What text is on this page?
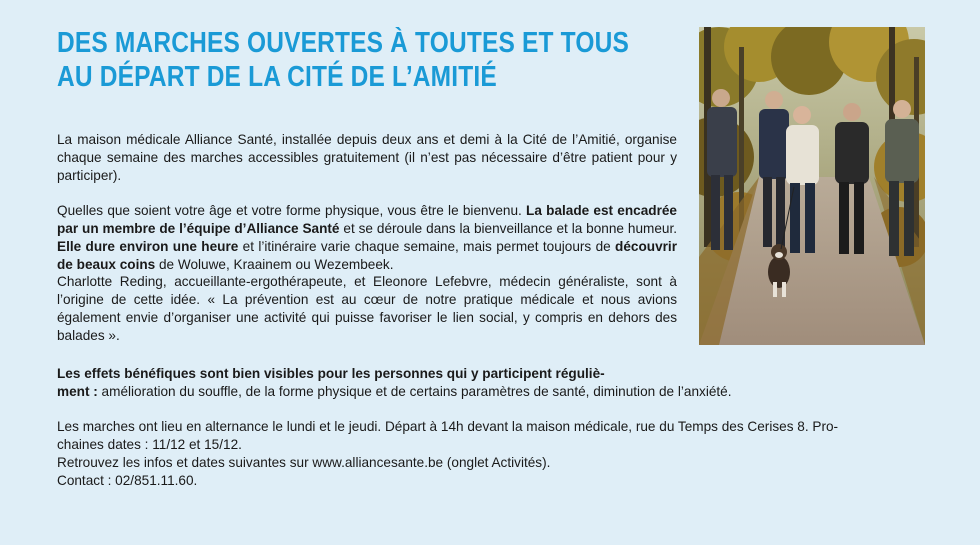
DES MARCHES OUVERTES À TOUTES ET TOUS
AU DÉPART DE LA CITÉ DE L’AMITIÉ

La maison médicale Alliance Santé, installée depuis deux ans et demi à la Cité de l’Amitié, organise chaque semaine des marches accessibles gratuitement (il n’est pas nécessaire d’être patient pour y participer).

Quelles que soient votre âge et votre forme physique, vous être le bienvenu. La balade est encadrée par un membre de l’équipe d’Alliance Santé et se déroule dans la bienveillance et la bonne humeur. Elle dure environ une heure et l’itinéraire varie chaque semaine, mais permet toujours de découvrir de beaux coins de Woluwe, Kraainem ou Wezembeek.

Charlotte Reding, accueillante-ergothérapeute, et Eleonore Lefebvre, médecin généraliste, sont à l’origine de cette idée. « La prévention est au cœur de notre pratique médicale et nous avions également envie d’organiser une activité qui puisse favoriser le lien social, y compris en dehors des balades ».

Les effets bénéfiques sont bien visibles pour les personnes qui y participent réguliè-

ment : amélioration du souffle, de la forme physique et de certains paramètres de santé, diminution de l’anxiété.

Les marches ont lieu en alternance le lundi et le jeudi. Départ à 14h devant la maison médicale, rue du Temps des Cerises 8. Pro-

chaines dates : 11/12 et 15/12.

Retrouvez les infos et dates suivantes sur www.alliancesante.be (onglet Activités).

Contact : 02/851.11.60.
